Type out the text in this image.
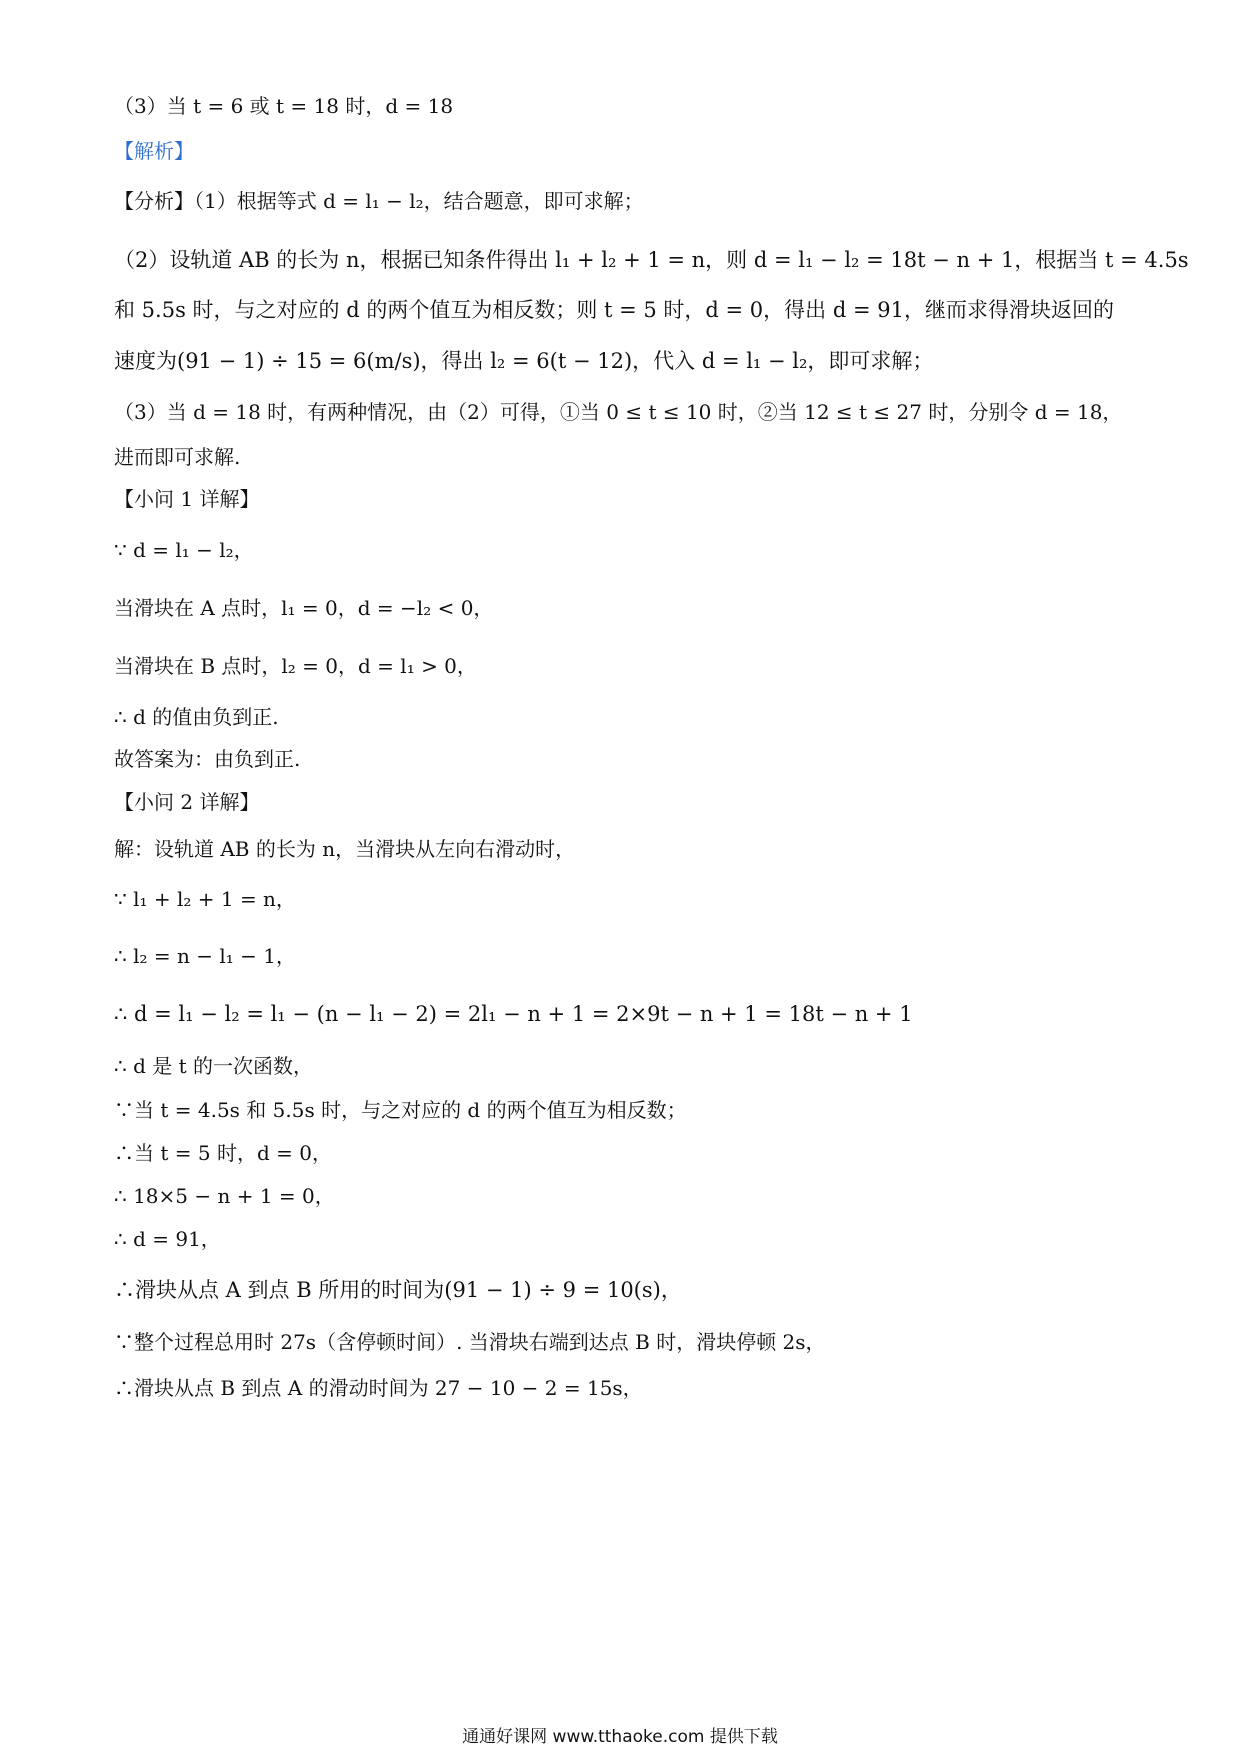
（3）当 t = 6 或 t = 18 时，d = 18
【解析】
【分析】（1）根据等式 d = l₁ − l₂，结合题意，即可求解；
（2）设轨道 AB 的长为 n，根据已知条件得出 l₁ + l₂ + 1 = n，则 d = l₁ − l₂ = 18t − n + 1，根据当 t = 4.5s
和 5.5s 时，与之对应的 d 的两个值互为相反数；则 t = 5 时，d = 0，得出 d = 91，继而求得滑块返回的
速度为(91 − 1) ÷ 15 = 6(m/s)，得出 l₂ = 6(t − 12)，代入 d = l₁ − l₂，即可求解；
（3）当 d = 18 时，有两种情况，由（2）可得，①当 0 ≤ t ≤ 10 时，②当 12 ≤ t ≤ 27 时，分别令 d = 18，
进而即可求解.
【小问 1 详解】
∵ d = l₁ − l₂，
当滑块在 A 点时，l₁ = 0，d = −l₂ < 0，
当滑块在 B 点时，l₂ = 0，d = l₁ > 0，
∴ d 的值由负到正.
故答案为：由负到正.
【小问 2 详解】
解：设轨道 AB 的长为 n，当滑块从左向右滑动时，
∵ l₁ + l₂ + 1 = n，
∴ l₂ = n − l₁ − 1，
∴ d = l₁ − l₂ = l₁ − (n − l₁ − 2) = 2l₁ − n + 1 = 2×9t − n + 1 = 18t − n + 1
∴ d 是 t 的一次函数，
∵当 t = 4.5s 和 5.5s 时，与之对应的 d 的两个值互为相反数；
∴当 t = 5 时，d = 0，
∴ 18×5 − n + 1 = 0，
∴ d = 91，
∴滑块从点 A 到点 B 所用的时间为(91 − 1) ÷ 9 = 10(s)，
∵整个过程总用时 27s（含停顿时间）. 当滑块右端到达点 B 时，滑块停顿 2s，
∴滑块从点 B 到点 A 的滑动时间为 27 − 10 − 2 = 15s，
通通好课网 www.tthaoke.com 提供下载
